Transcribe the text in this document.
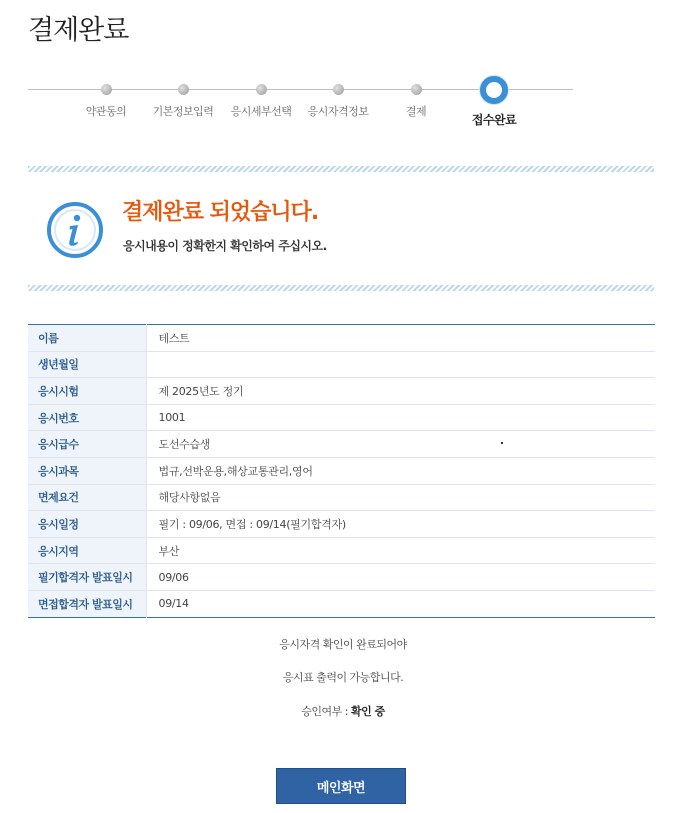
결제완료
약관동의	기본정보입력	응시세부선택	응시자격정보	결제
접수완료
결제완료 되었습니다.
응시내용이 정확한지 확인하여 주십시오.
이름	테스트
생년월일	
응시시험	제 2025년도 정기
응시번호	1001
응시급수	도선수습생
응시과목	법규,선박운용,해상교통관리,영어
면제요건	해당사항없음
응시일정	필기 : 09/06, 면접 : 09/14(필기합격자)
응시지역	부산
필기합격자 발표일시	09/06
면접합격자 발표일시	09/14
응시자격 확인이 완료되어야
응시표 출력이 가능합니다.
승인여부 : 확인 중
메인화면
